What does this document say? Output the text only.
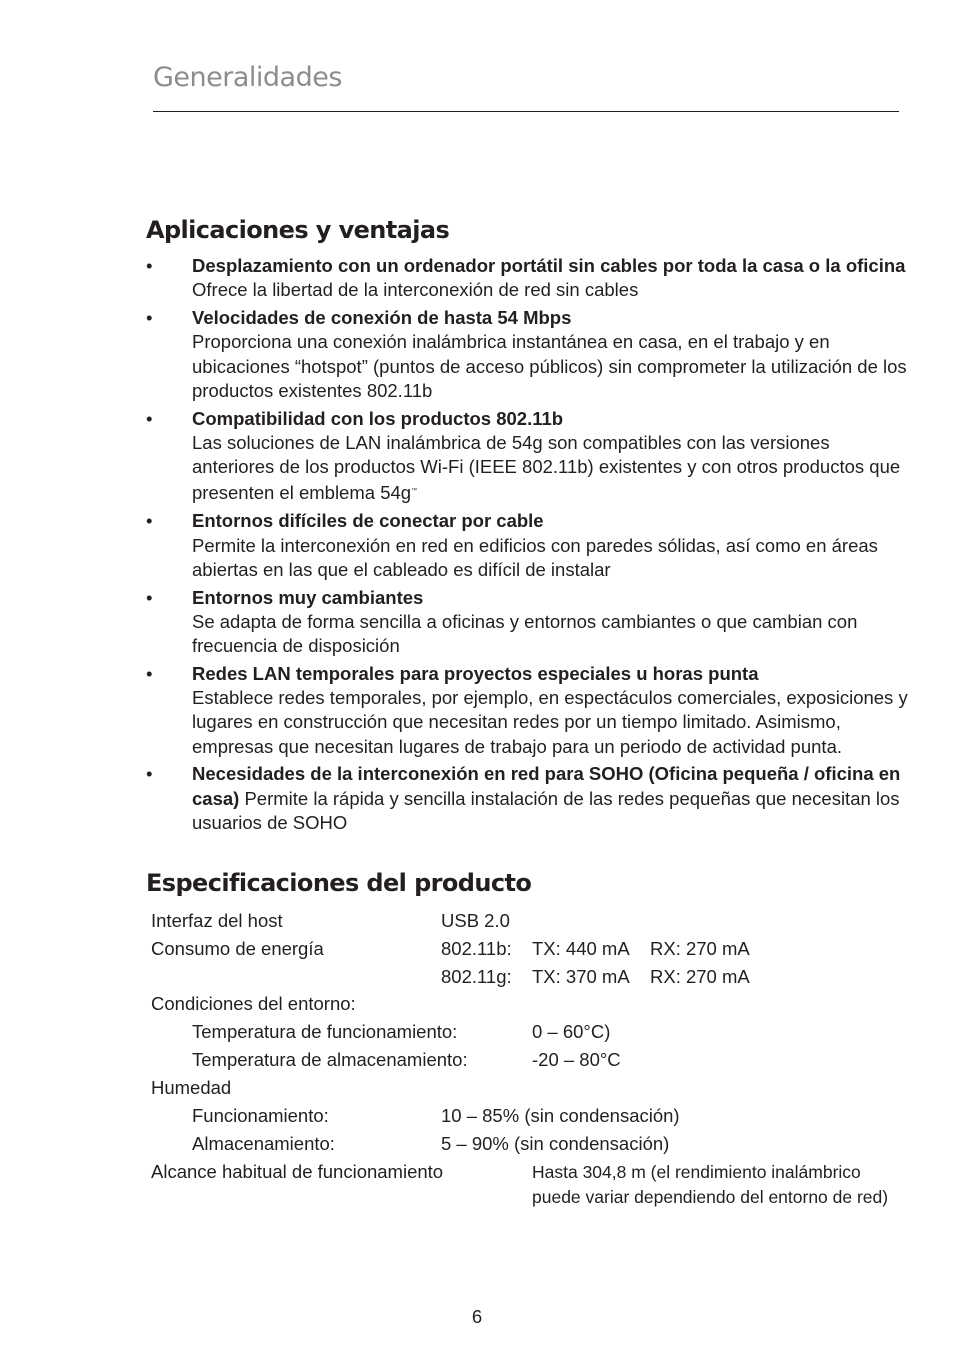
Generalidades
Aplicaciones y ventajas
• Desplazamiento con un ordenador portátil sin cables por toda la casa o la oficina Ofrece la libertad de la interconexión de red sin cables
• Velocidades de conexión de hasta 54 Mbps
Proporciona una conexión inalámbrica instantánea en casa, en el trabajo y en ubicaciones “hotspot” (puntos de acceso públicos) sin comprometer la utilización de los productos existentes 802.11b
• Compatibilidad con los productos 802.11b
Las soluciones de LAN inalámbrica de 54g son compatibles con las versiones anteriores de los productos Wi-Fi (IEEE 802.11b) existentes y con otros productos que presenten el emblema 54g™
• Entornos difíciles de conectar por cable
Permite la interconexión en red en edificios con paredes sólidas, así como en áreas abiertas en las que el cableado es difícil de instalar
• Entornos muy cambiantes
Se adapta de forma sencilla a oficinas y entornos cambiantes o que cambian con frecuencia de disposición
• Redes LAN temporales para proyectos especiales u horas punta
Establece redes temporales, por ejemplo, en espectáculos comerciales, exposiciones y lugares en construcción que necesitan redes por un tiempo limitado. Asimismo, empresas que necesitan lugares de trabajo para un periodo de actividad punta.
• Necesidades de la interconexión en red para SOHO (Oficina pequeña / oficina en casa) Permite la rápida y sencilla instalación de las redes pequeñas que necesitan los usuarios de SOHO
Especificaciones del producto
Interfaz del host	USB 2.0
Consumo de energía	802.11b: TX: 440 mA RX: 270 mA
802.11g: TX: 370 mA RX: 270 mA
Condiciones del entorno:
Temperatura de funcionamiento:	0 – 60°C)
Temperatura de almacenamiento:	-20 – 80°C
Humedad
Funcionamiento:	10 – 85% (sin condensación)
Almacenamiento:	5 – 90% (sin condensación)
Alcance habitual de funcionamiento	Hasta 304,8 m (el rendimiento inalámbrico puede variar dependiendo del entorno de red)

6
